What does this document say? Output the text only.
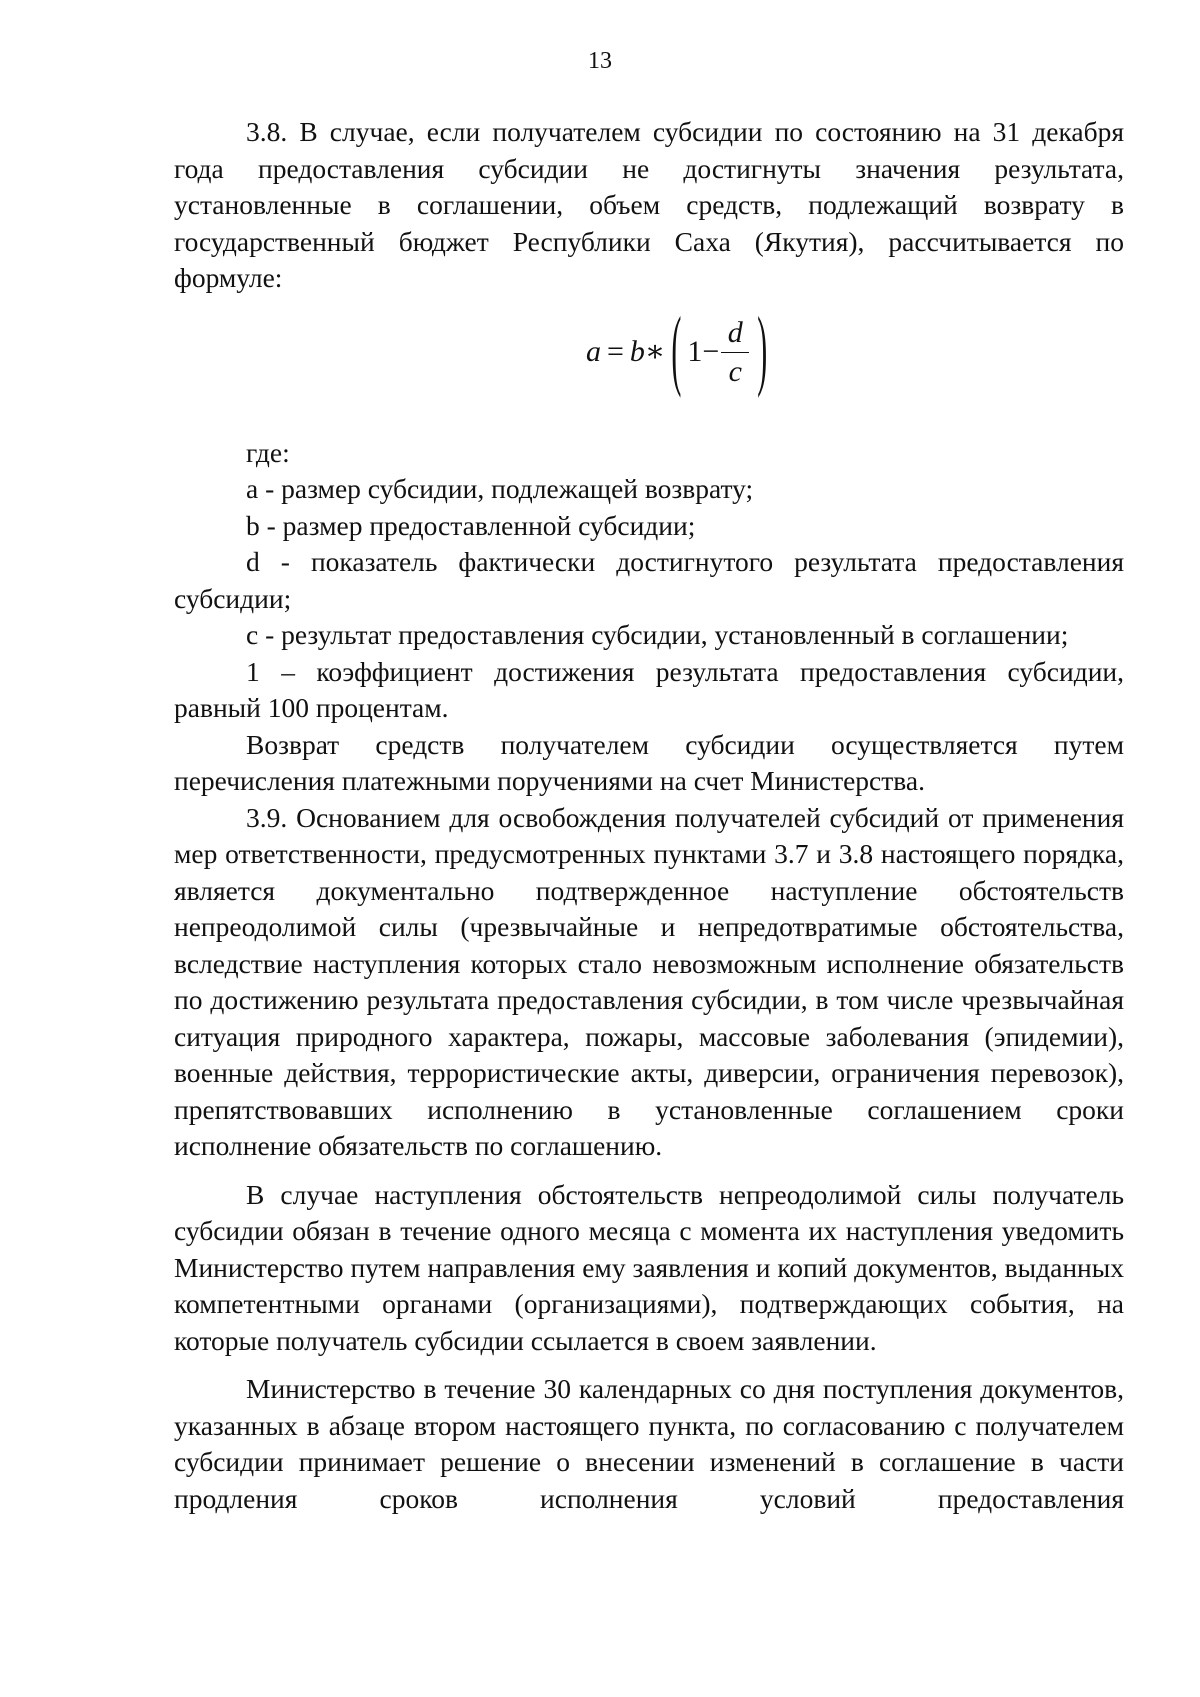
13

3.8. В случае, если получателем субсидии по состоянию на 31 декабря года предоставления субсидии не достигнуты значения результата, установленные в соглашении, объем средств, подлежащий возврату в государственный бюджет Республики Саха (Якутия), рассчитывается по формуле:

a = b ∗ ( $1 - \frac{d}{c}$ )

где:

a - размер субсидии, подлежащей возврату;

b - размер предоставленной субсидии;

d - показатель фактически достигнутого результата предоставления субсидии;

c - результат предоставления субсидии, установленный в соглашении;

1 – коэффициент достижения результата предоставления субсидии, равный 100 процентам.

Возврат средств получателем субсидии осуществляется путем перечисления платежными поручениями на счет Министерства.

3.9. Основанием для освобождения получателей субсидий от применения мер ответственности, предусмотренных пунктами 3.7 и 3.8 настоящего порядка, является документально подтвержденное наступление обстоятельств непреодолимой силы (чрезвычайные и непредотвратимые обстоятельства, вследствие наступления которых стало невозможным исполнение обязательств по достижению результата предоставления субсидии, в том числе чрезвычайная ситуация природного характера, пожары, массовые заболевания (эпидемии), военные действия, террористические акты, диверсии, ограничения перевозок), препятствовавших исполнению в установленные соглашением сроки исполнение обязательств по соглашению.

В случае наступления обстоятельств непреодолимой силы получатель субсидии обязан в течение одного месяца с момента их наступления уведомить Министерство путем направления ему заявления и копий документов, выданных компетентными органами (организациями), подтверждающих события, на которые получатель субсидии ссылается в своем заявлении.

Министерство в течение 30 календарных со дня поступления документов, указанных в абзаце втором настоящего пункта, по согласованию с получателем субсидии принимает решение о внесении изменений в соглашение в части продления сроков исполнения условий предоставления
